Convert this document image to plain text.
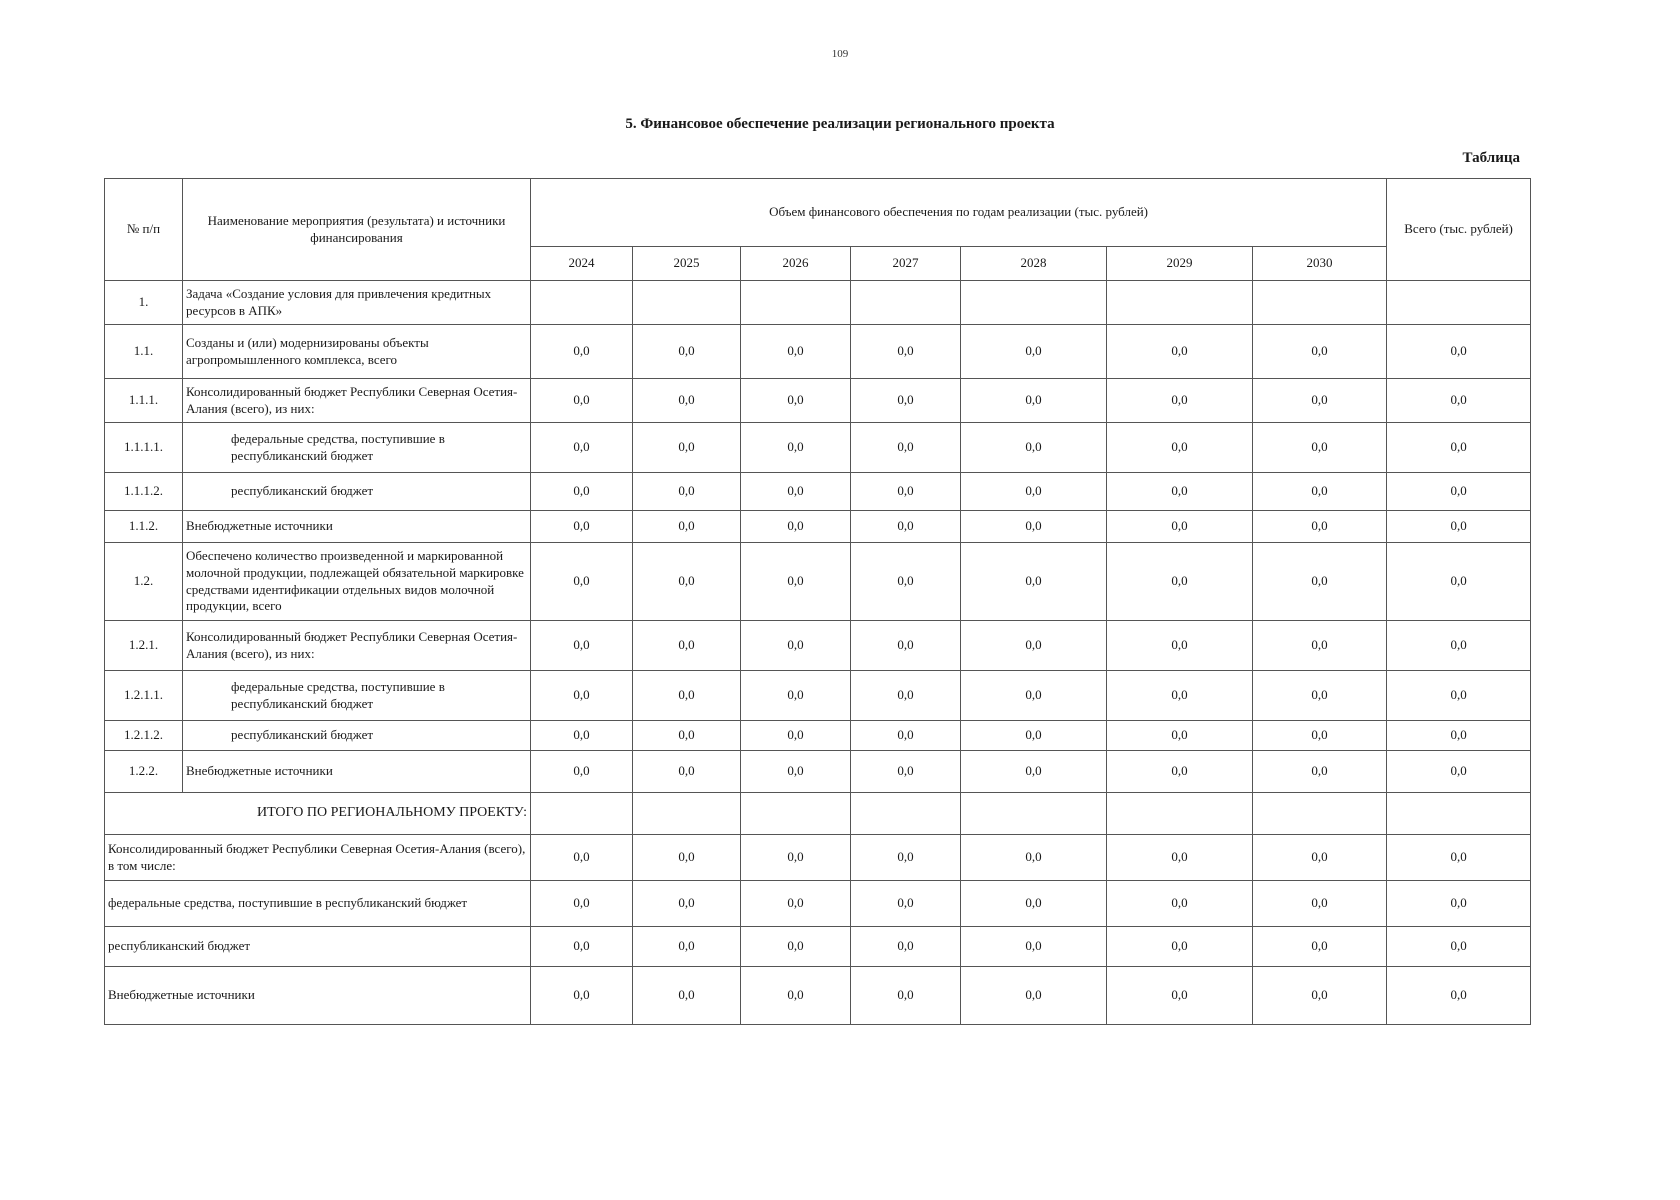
109
5. Финансовое обеспечение реализации регионального проекта
Таблица
№ п/п	Наименование мероприятия (результата) и источники финансирования	Объем финансового обеспечения по годам реализации (тыс. рублей)							Всего (тыс. рублей)
		2024	2025	2026	2027	2028	2029	2030	
1.	Задача «Создание условия для привлечения кредитных ресурсов в АПК»								
1.1.	Созданы и (или) модернизированы объекты агропромышленного комплекса, всего	0,0	0,0	0,0	0,0	0,0	0,0	0,0	0,0
1.1.1.	Консолидированный бюджет Республики Северная Осетия-Алания (всего), из них:	0,0	0,0	0,0	0,0	0,0	0,0	0,0	0,0
1.1.1.1.	федеральные средства, поступившие в республиканский бюджет	0,0	0,0	0,0	0,0	0,0	0,0	0,0	0,0
1.1.1.2.	республиканский бюджет	0,0	0,0	0,0	0,0	0,0	0,0	0,0	0,0
1.1.2.	Внебюджетные источники	0,0	0,0	0,0	0,0	0,0	0,0	0,0	0,0
1.2.	Обеспечено количество произведенной и маркированной молочной продукции, подлежащей обязательной маркировке средствами идентификации отдельных видов молочной продукции, всего	0,0	0,0	0,0	0,0	0,0	0,0	0,0	0,0
1.2.1.	Консолидированный бюджет Республики Северная Осетия-Алания (всего), из них:	0,0	0,0	0,0	0,0	0,0	0,0	0,0	0,0
1.2.1.1.	федеральные средства, поступившие в республиканский бюджет	0,0	0,0	0,0	0,0	0,0	0,0	0,0	0,0
1.2.1.2.	республиканский бюджет	0,0	0,0	0,0	0,0	0,0	0,0	0,0	0,0
1.2.2.	Внебюджетные источники	0,0	0,0	0,0	0,0	0,0	0,0	0,0	0,0
ИТОГО ПО РЕГИОНАЛЬНОМУ ПРОЕКТУ:									
Консолидированный бюджет Республики Северная Осетия-Алания (всего), в том числе:		0,0	0,0	0,0	0,0	0,0	0,0	0,0	0,0
федеральные средства, поступившие в республиканский бюджет		0,0	0,0	0,0	0,0	0,0	0,0	0,0	0,0
республиканский бюджет		0,0	0,0	0,0	0,0	0,0	0,0	0,0	0,0
Внебюджетные источники		0,0	0,0	0,0	0,0	0,0	0,0	0,0	0,0
